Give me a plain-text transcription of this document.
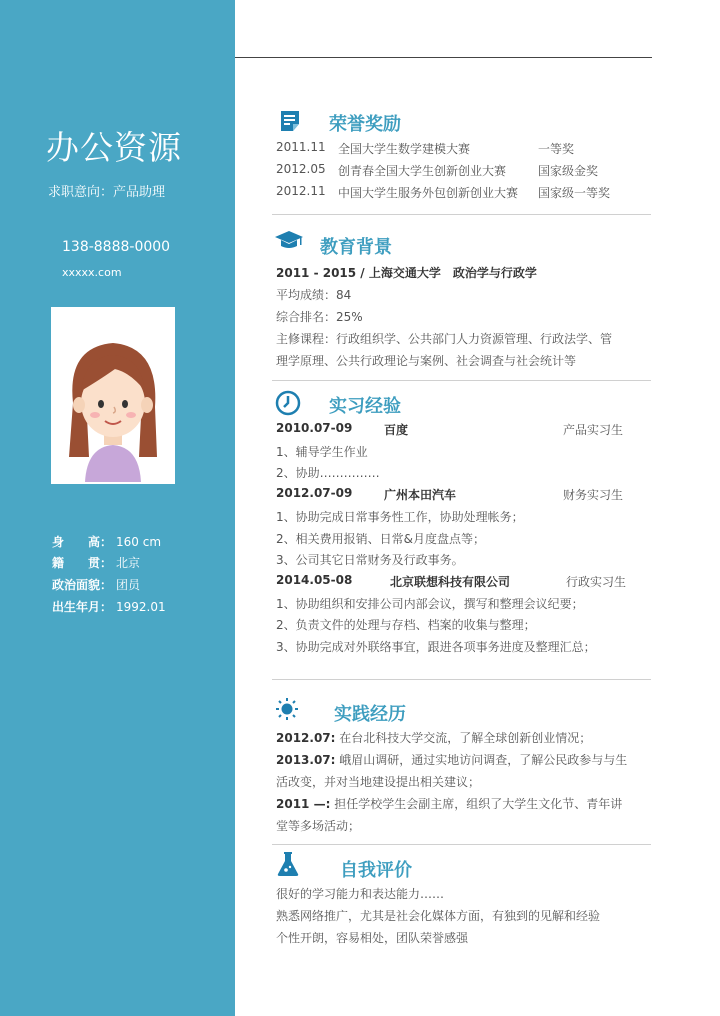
办公资源
求职意向：产品助理
138-8888-0000
xxxxx.com
身　　高： 160 cm
籍　　贯： 北京
政治面貌： 团员
出生年月： 1992.01
荣誉奖励
2011.11 全国大学生数学建模大赛	一等奖
2012.05 创青春全国大学生创新创业大赛	国家级金奖
2012.11 中国大学生服务外包创新创业大赛 国家级一等奖
教育背景
2011 - 2015 / 上海交通大学　政治学与行政学
平均成绩：84
综合排名：25%
主修课程：行政组织学、公共部门人力资源管理、行政法学、管
理学原理、公共行政理论与案例、社会调查与社会统计等
实习经验
2010.07-09	百度	产品实习生
1、辅导学生作业
2、协助……………
2012.07-09	广州本田汽车	财务实习生
1、协助完成日常事务性工作，协助处理帐务；
2、相关费用报销、日常&月度盘点等；
3、公司其它日常财务及行政事务。
2014.05-08	北京联想科技有限公司	行政实习生
1、协助组织和安排公司内部会议，撰写和整理会议纪要；
2、负责文件的处理与存档、档案的收集与整理；
3、协助完成对外联络事宜，跟进各项事务进度及整理汇总；
实践经历
2012.07: 在台北科技大学交流，了解全球创新创业情况；
2013.07: 峨眉山调研，通过实地访问调查，了解公民政参与与生
活改变，并对当地建设提出相关建议；
2011 —: 担任学校学生会副主席，组织了大学生文化节、青年讲
堂等多场活动；
自我评价
很好的学习能力和表达能力……
熟悉网络推广，尤其是社会化媒体方面，有独到的见解和经验
个性开朗，容易相处，团队荣誉感强
